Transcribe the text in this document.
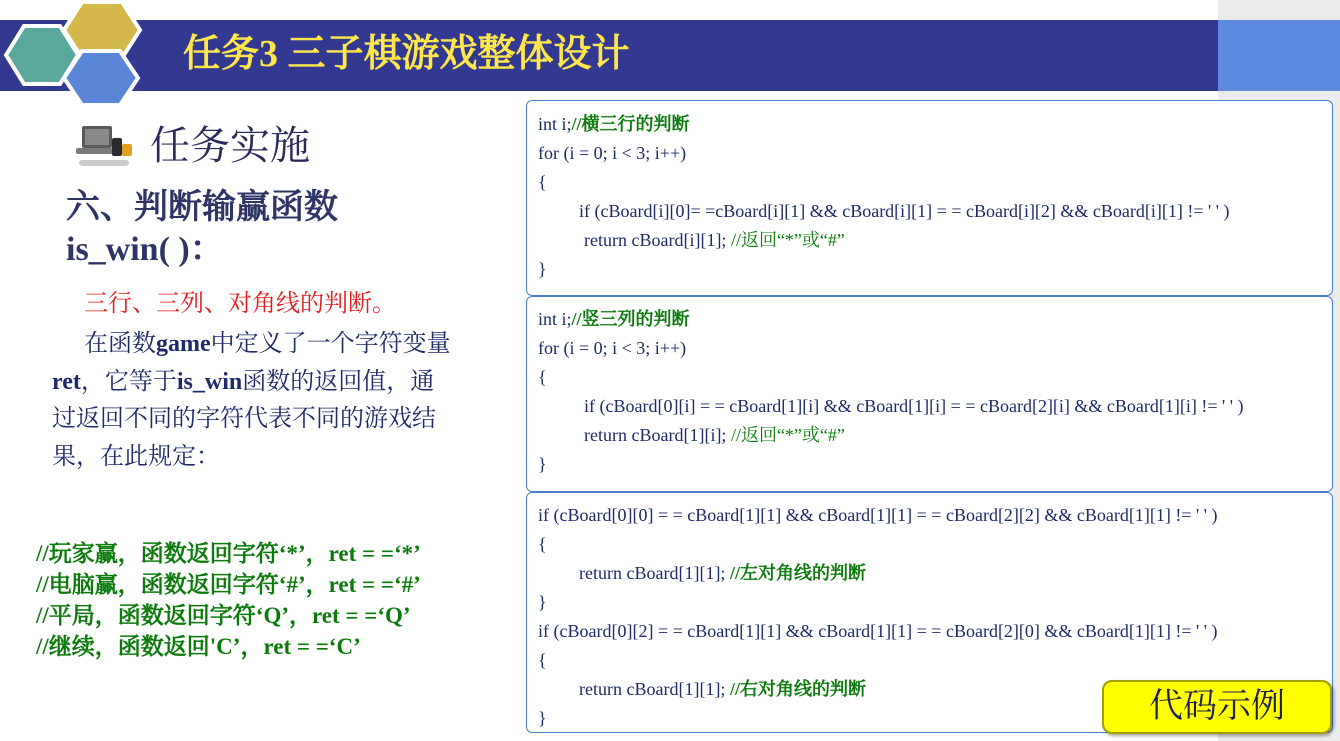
任务3 三子棋游戏整体设计
任务实施
六、判断输赢函数
is_win( )：
三行、三列、对角线的判断。
在函数game中定义了一个字符变量
ret，它等于is_win函数的返回值，通
过返回不同的字符代表不同的游戏结
果，在此规定：
//玩家赢，函数返回字符‘*’，ret = =‘*’
//电脑赢，函数返回字符‘#’，ret = =‘#’
//平局，函数返回字符‘Q’，ret = =‘Q’
//继续，函数返回'C’，ret = =‘C’
int i;//横三行的判断
for (i = 0; i < 3; i++)
{
if (cBoard[i][0]= =cBoard[i][1] && cBoard[i][1] = = cBoard[i][2] && cBoard[i][1] != ' ' )
return cBoard[i][1]; //返回“*”或“#”
}
int i;//竖三列的判断
for (i = 0; i < 3; i++)
{
if (cBoard[0][i] = = cBoard[1][i] && cBoard[1][i] = = cBoard[2][i] && cBoard[1][i] != ' ' )
return cBoard[1][i]; //返回“*”或“#”
}
if (cBoard[0][0] = = cBoard[1][1] && cBoard[1][1] = = cBoard[2][2] && cBoard[1][1] != ' ' )
{
return cBoard[1][1]; //左对角线的判断
}
if (cBoard[0][2] = = cBoard[1][1] && cBoard[1][1] = = cBoard[2][0] && cBoard[1][1] != ' ' )
{
return cBoard[1][1]; //右对角线的判断
}	代码示例
